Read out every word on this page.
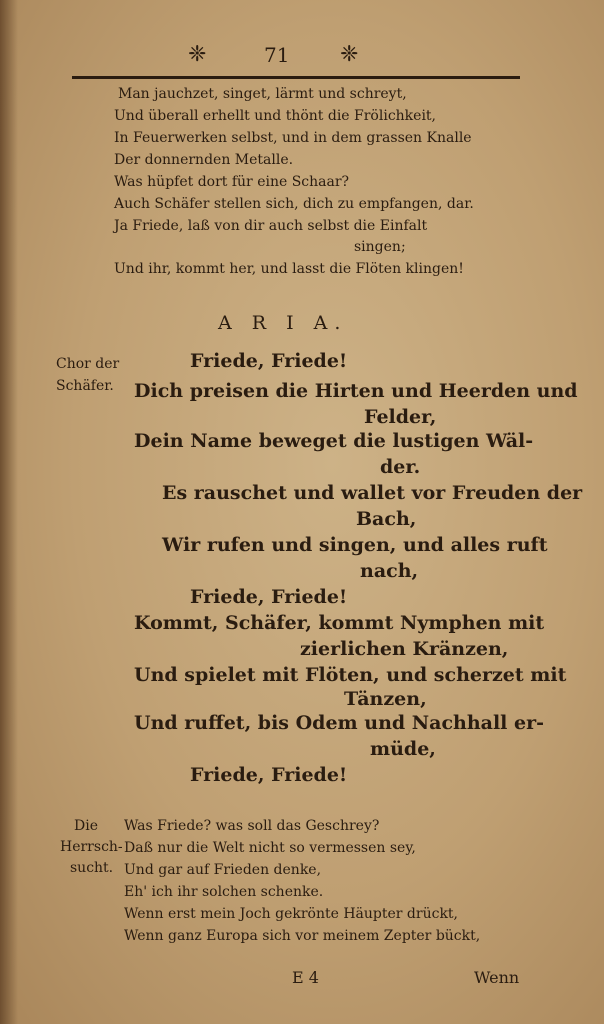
❈	71 ❈
Man jauchzet, singet, lärmt und schreyt,
Und überall erhellt und thönt die Frölichkeit,
In Feuerwerken selbst, und in dem grassen Knalle
Der donnernden Metalle.
Was hüpfet dort für eine Schaar?
Auch Schäfer stellen sich, dich zu empfangen, dar.
Ja Friede, laß von dir auch selbst die Einfalt
singen;
Und ihr, kommt her, und lasst die Flöten klingen!
A R I A.
Chor der
Schäfer.
Friede, Friede!
Dich preisen die Hirten und Heerden und
Felder,
Dein Name beweget die lustigen Wäl-
der.
Es rauschet und wallet vor Freuden der
Bach,
Wir rufen und singen, und alles ruft
nach,
Friede, Friede!
Kommt, Schäfer, kommt Nymphen mit
zierlichen Kränzen,
Und spielet mit Flöten, und scherzet mit
Tänzen,
Und ruffet, bis Odem und Nachhall er-
müde,
Friede, Friede!
Die
Herrsch-
sucht.
Was Friede? was soll das Geschrey?
Daß nur die Welt nicht so vermessen sey,
Und gar auf Frieden denke,
Eh' ich ihr solchen schenke.
Wenn erst mein Joch gekrönte Häupter drückt,
Wenn ganz Europa sich vor meinem Zepter bückt,
E 4	Wenn
